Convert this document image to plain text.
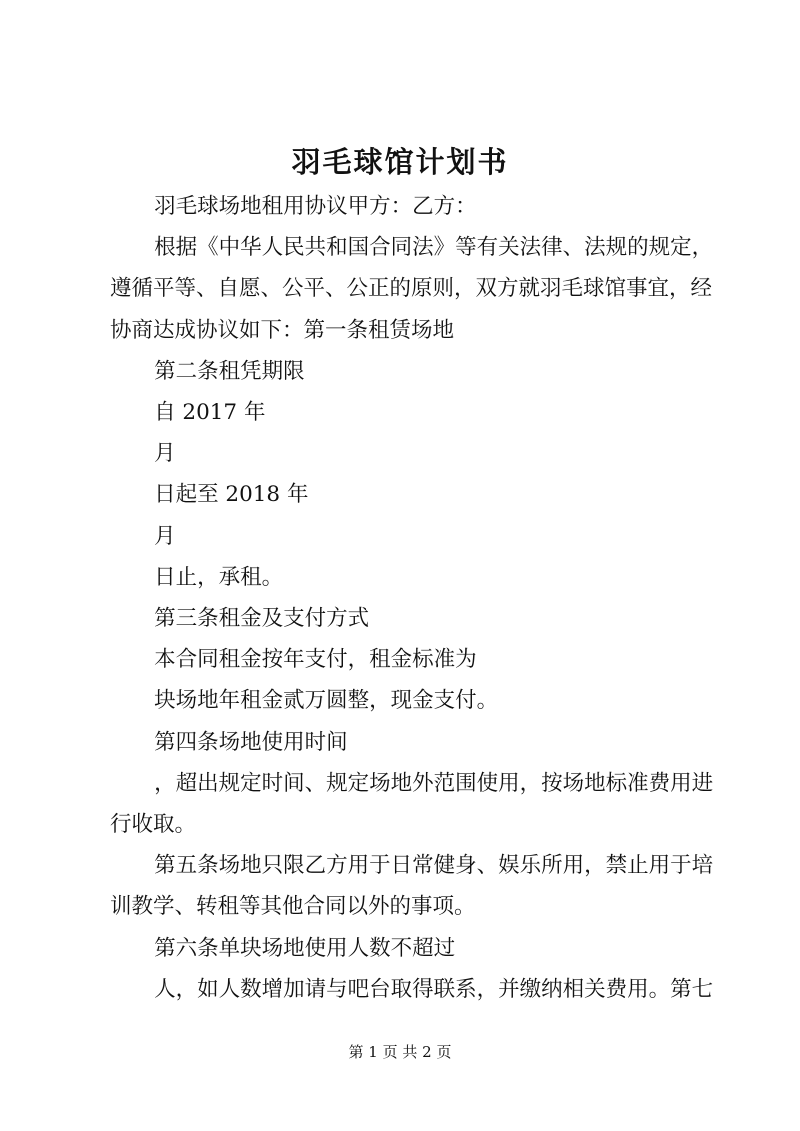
羽毛球馆计划书

羽毛球场地租用协议甲方：乙方：

根据《中华人民共和国合同法》等有关法律、法规的规定，遵循平等、自愿、公平、公正的原则，双方就羽毛球馆事宜，经协商达成协议如下：第一条租赁场地

第二条租凭期限

自 2017 年

月

日起至 2018 年

月

日止，承租。

第三条租金及支付方式

本合同租金按年支付，租金标准为

块场地年租金贰万圆整，现金支付。

第四条场地使用时间

，超出规定时间、规定场地外范围使用，按场地标准费用进行收取。

第五条场地只限乙方用于日常健身、娱乐所用，禁止用于培训教学、转租等其他合同以外的事项。

第六条单块场地使用人数不超过

人，如人数增加请与吧台取得联系，并缴纳相关费用。第七

第 1 页 共 2 页
